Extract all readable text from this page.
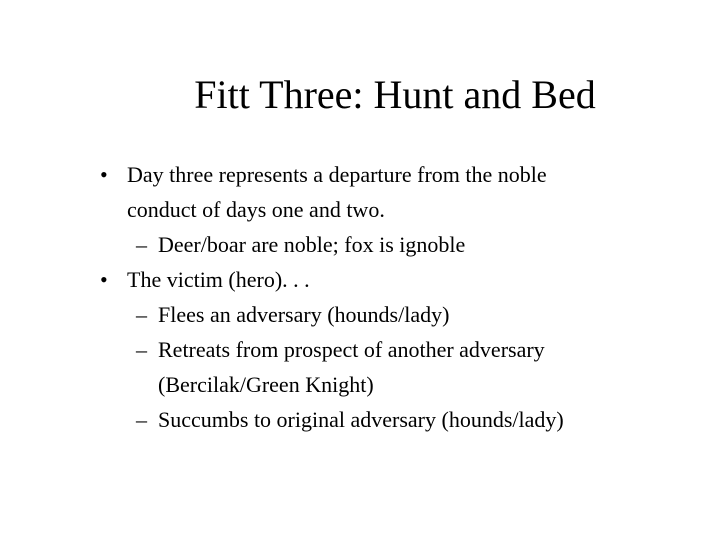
Fitt Three: Hunt and Bed
• Day three represents a departure from the noble
conduct of days one and two.
– Deer/boar are noble; fox is ignoble
• The victim (hero). . .
– Flees an adversary (hounds/lady)
– Retreats from prospect of another adversary
(Bercilak/Green Knight)
– Succumbs to original adversary (hounds/lady)
